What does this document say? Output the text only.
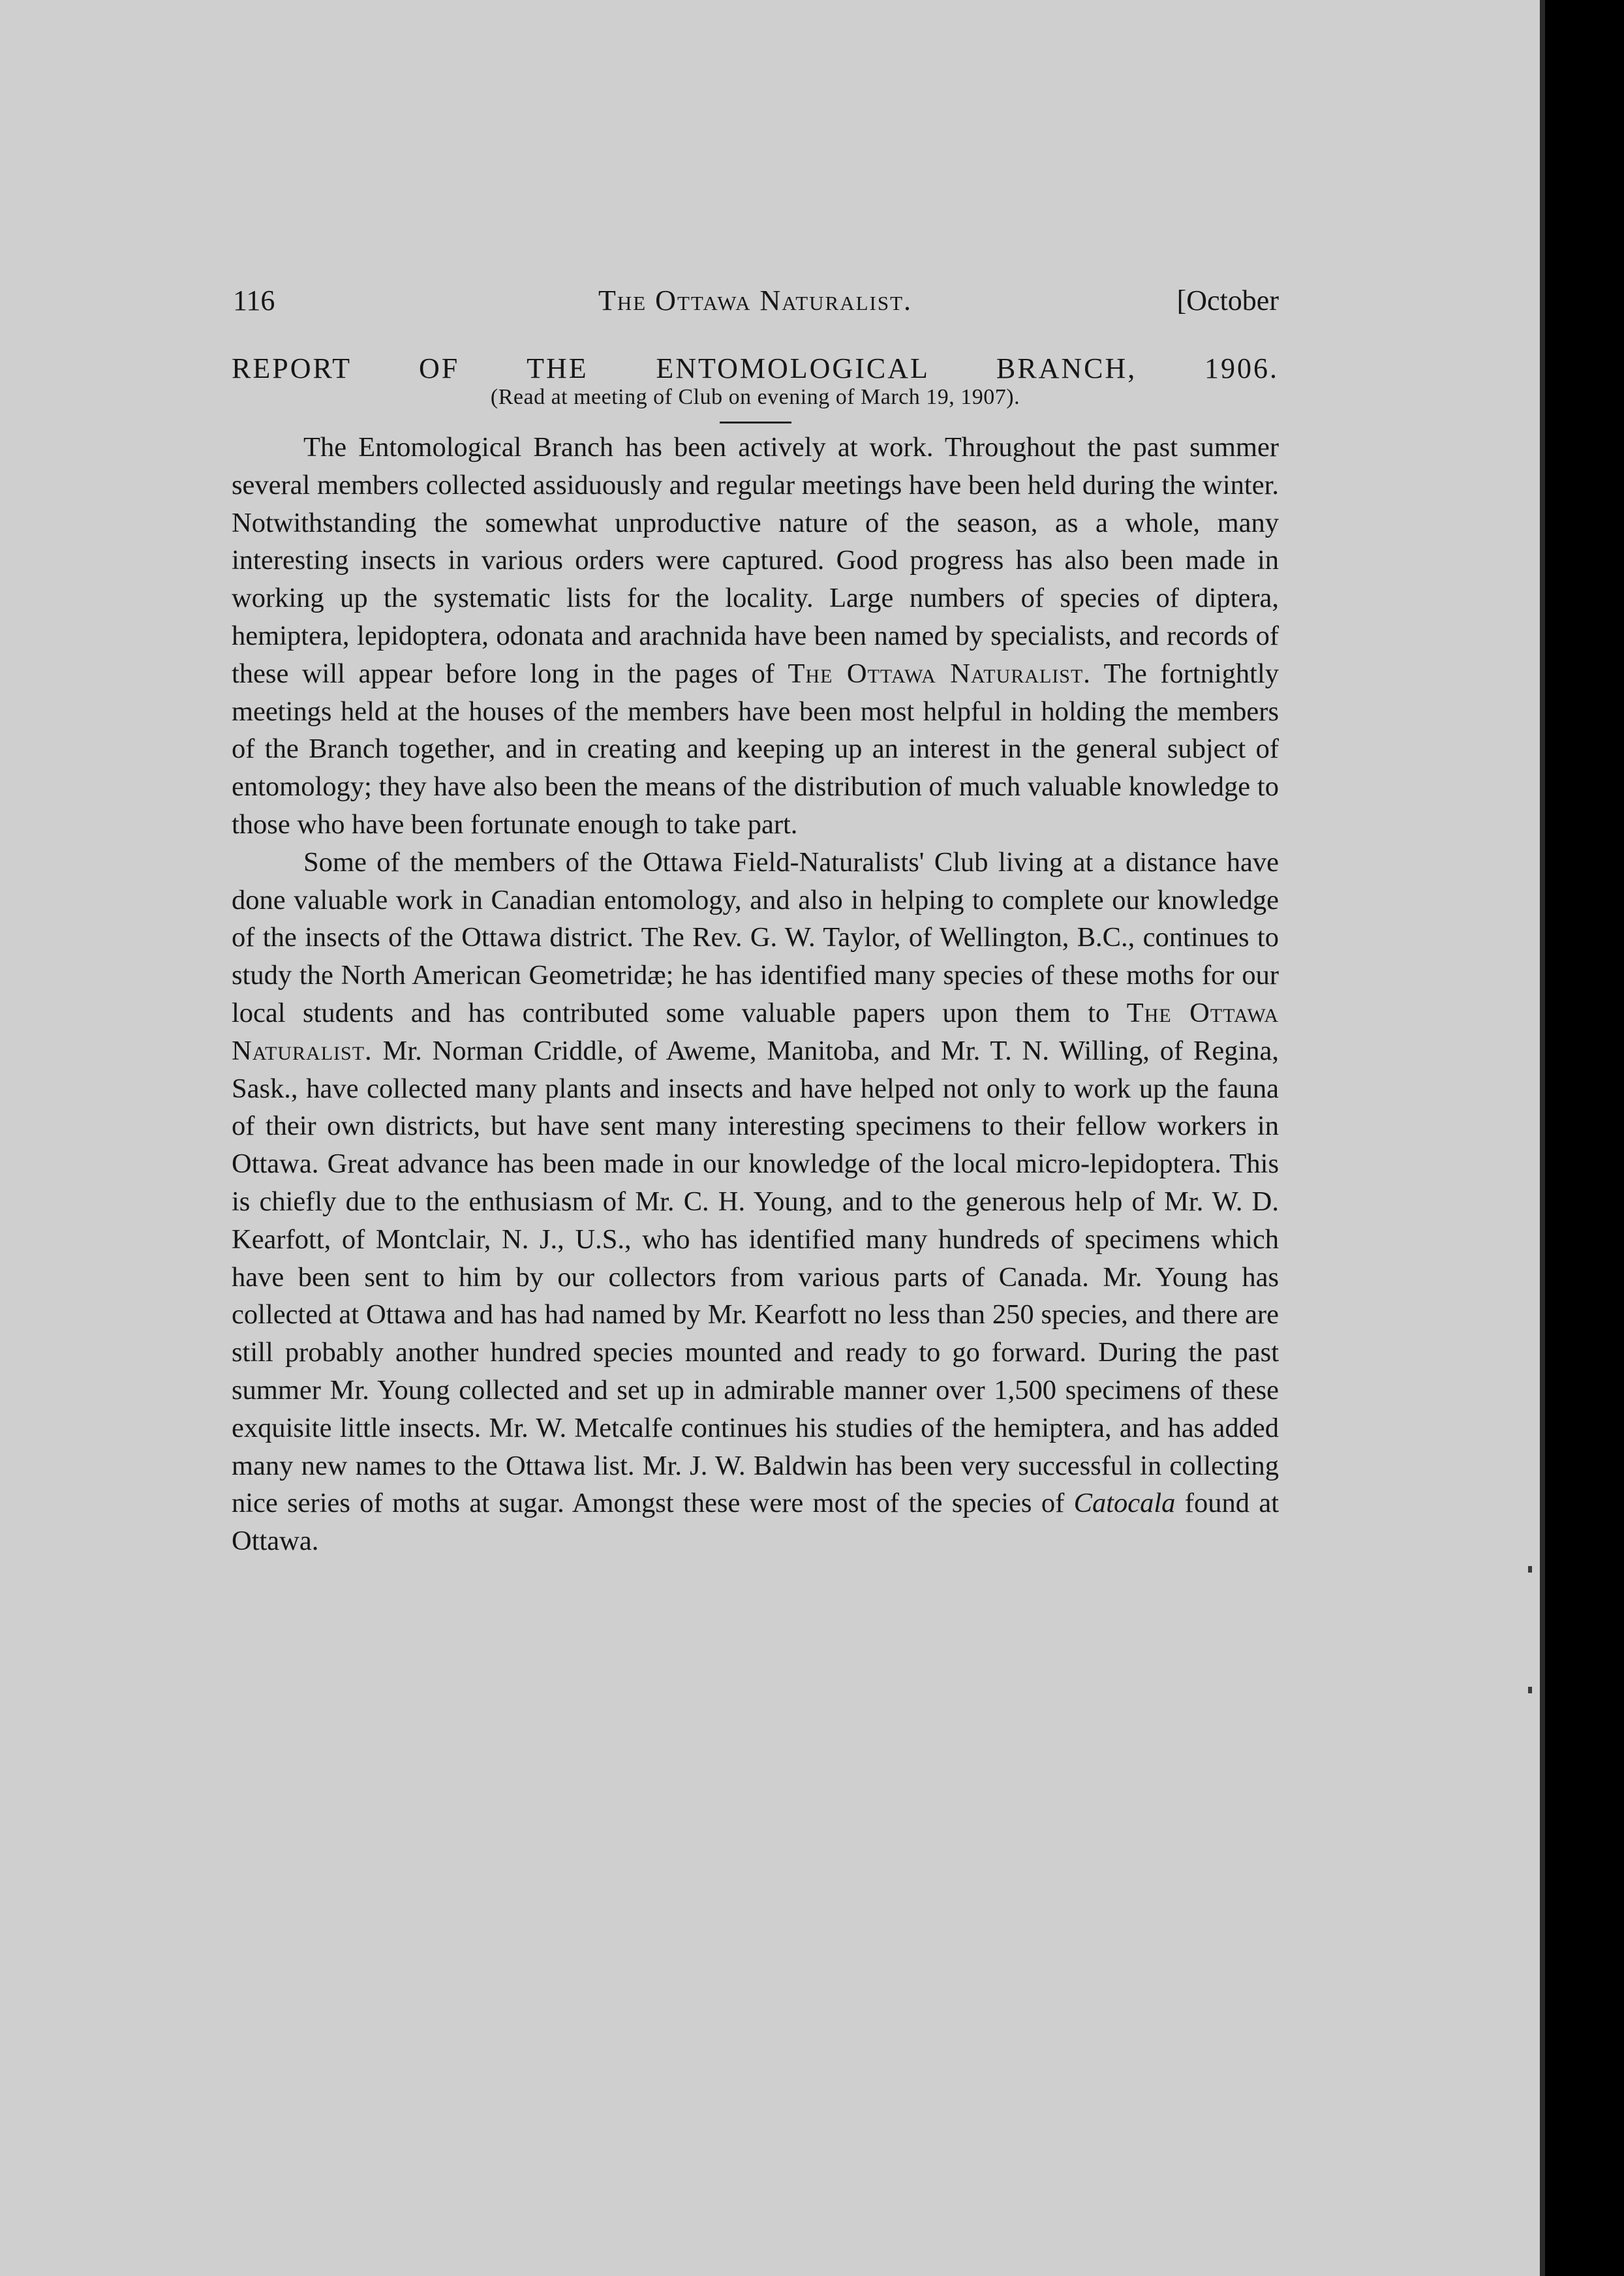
116	The Ottawa Naturalist.	[October
REPORT OF THE ENTOMOLOGICAL BRANCH, 1906.
(Read at meeting of Club on evening of March 19, 1907).

The Entomological Branch has been actively at work. Throughout the past summer several members collected assiduously and regular meetings have been held during the winter. Notwithstanding the somewhat unproductive nature of the season, as a whole, many interesting insects in various orders were captured. Good progress has also been made in working up the systematic lists for the locality. Large numbers of species of diptera, hemiptera, lepidoptera, odonata and arachnida have been named by specialists, and records of these will appear before long in the pages of The Ottawa Naturalist. The fortnightly meetings held at the houses of the members have been most helpful in holding the members of the Branch together, and in creating and keeping up an interest in the general subject of entomology; they have also been the means of the distribution of much valuable knowledge to those who have been fortunate enough to take part.

Some of the members of the Ottawa Field-Naturalists' Club living at a distance have done valuable work in Canadian entomology, and also in helping to complete our knowledge of the insects of the Ottawa district. The Rev. G. W. Taylor, of Wellington, B.C., continues to study the North American Geometridæ; he has identified many species of these moths for our local students and has contributed some valuable papers upon them to The Ottawa Naturalist. Mr. Norman Criddle, of Aweme, Manitoba, and Mr. T. N. Willing, of Regina, Sask., have collected many plants and insects and have helped not only to work up the fauna of their own districts, but have sent many interesting specimens to their fellow workers in Ottawa. Great advance has been made in our knowledge of the local micro-lepidoptera. This is chiefly due to the enthusiasm of Mr. C. H. Young, and to the generous help of Mr. W. D. Kearfott, of Montclair, N. J., U.S., who has identified many hundreds of specimens which have been sent to him by our collectors from various parts of Canada. Mr. Young has collected at Ottawa and has had named by Mr. Kearfott no less than 250 species, and there are still probably another hundred species mounted and ready to go forward. During the past summer Mr. Young collected and set up in admirable manner over 1,500 specimens of these exquisite little insects. Mr. W. Metcalfe continues his studies of the hemiptera, and has added many new names to the Ottawa list. Mr. J. W. Baldwin has been very successful in collecting nice series of moths at sugar. Amongst these were most of the species of Catocala found at Ottawa.
